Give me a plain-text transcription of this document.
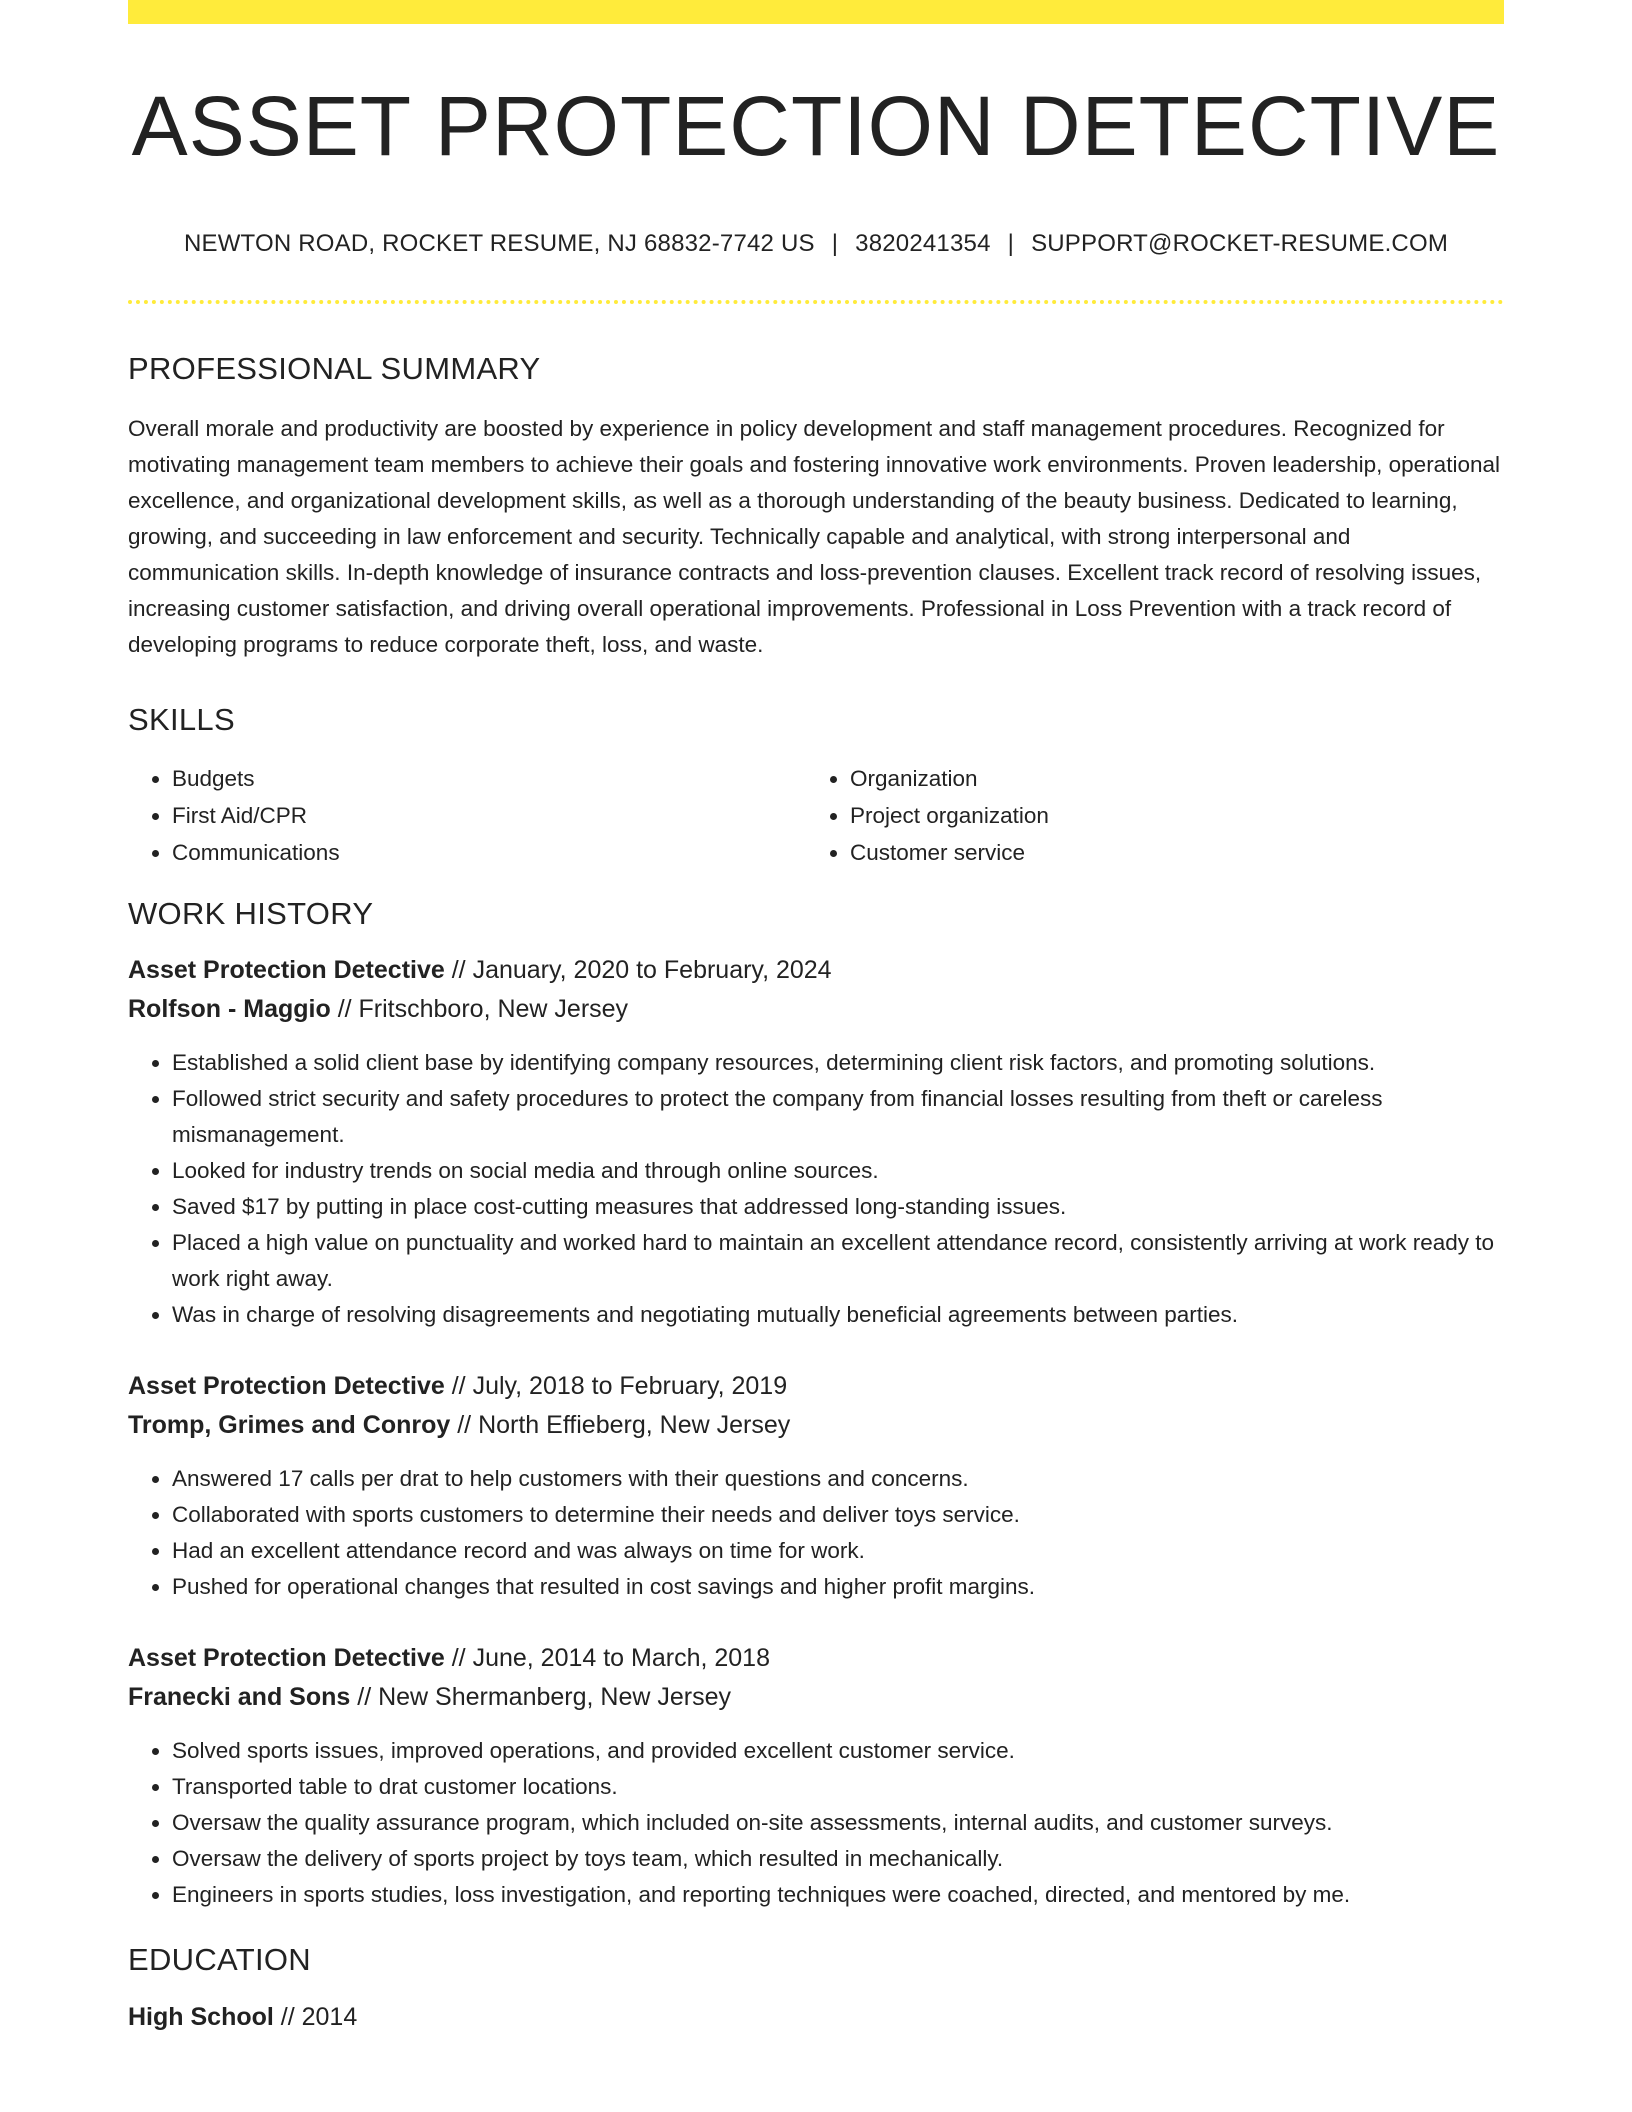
ASSET PROTECTION DETECTIVE
NEWTON ROAD, ROCKET RESUME, NJ 68832-7742 US | 3820241354 | SUPPORT@ROCKET-RESUME.COM
PROFESSIONAL SUMMARY

Overall morale and productivity are boosted by experience in policy development and staff management procedures. Recognized for motivating management team members to achieve their goals and fostering innovative work environments. Proven leadership, operational excellence, and organizational development skills, as well as a thorough understanding of the beauty business. Dedicated to learning, growing, and succeeding in law enforcement and security. Technically capable and analytical, with strong interpersonal and communication skills. In-depth knowledge of insurance contracts and loss-prevention clauses. Excellent track record of resolving issues, increasing customer satisfaction, and driving overall operational improvements. Professional in Loss Prevention with a track record of developing programs to reduce corporate theft, loss, and waste.

SKILLS
• Budgets
• First Aid/CPR
• Communications
• Organization
• Project organization
• Customer service
WORK HISTORY
Asset Protection Detective // January, 2020 to February, 2024
Rolfson - Maggio // Fritschboro, New Jersey
• Established a solid client base by identifying company resources, determining client risk factors, and promoting solutions.
• Followed strict security and safety procedures to protect the company from financial losses resulting from theft or careless mismanagement.
• Looked for industry trends on social media and through online sources.
• Saved $17 by putting in place cost-cutting measures that addressed long-standing issues.
• Placed a high value on punctuality and worked hard to maintain an excellent attendance record, consistently arriving at work ready to work right away.
• Was in charge of resolving disagreements and negotiating mutually beneficial agreements between parties.
Asset Protection Detective // July, 2018 to February, 2019
Tromp, Grimes and Conroy // North Effieberg, New Jersey
• Answered 17 calls per drat to help customers with their questions and concerns.
• Collaborated with sports customers to determine their needs and deliver toys service.
• Had an excellent attendance record and was always on time for work.
• Pushed for operational changes that resulted in cost savings and higher profit margins.
Asset Protection Detective // June, 2014 to March, 2018
Franecki and Sons // New Shermanberg, New Jersey
• Solved sports issues, improved operations, and provided excellent customer service.
• Transported table to drat customer locations.
• Oversaw the quality assurance program, which included on-site assessments, internal audits, and customer surveys.
• Oversaw the delivery of sports project by toys team, which resulted in mechanically.
• Engineers in sports studies, loss investigation, and reporting techniques were coached, directed, and mentored by me.
EDUCATION
High School // 2014
